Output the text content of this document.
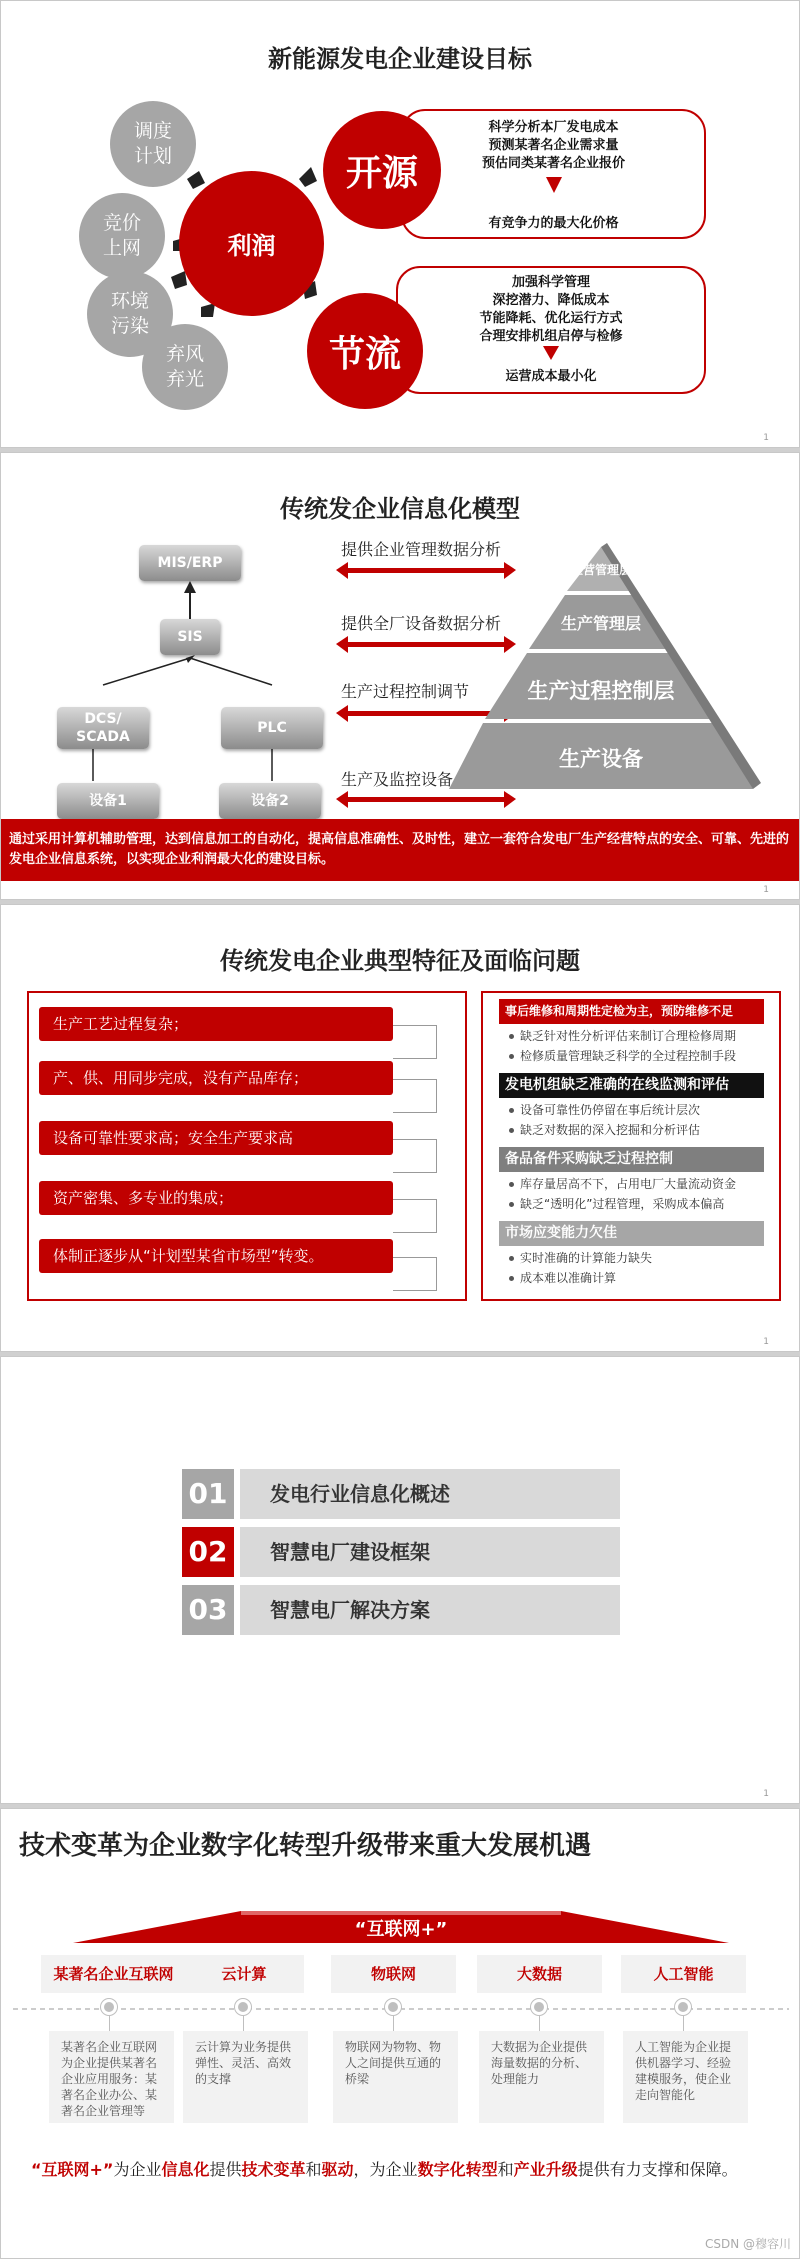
新能源发电企业建设目标
调度
计划
竞价
上网
环境
污染
弃风
弃光
利润
科学分析本厂发电成本
预测某著名企业需求量
预估同类某著名企业报价
有竞争力的最大化价格
开源
加强科学管理
深挖潜力、降低成本
节能降耗、优化运行方式
合理安排机组启停与检修
运营成本最小化
节流
1
传统发企业信息化模型
MIS/ERP
SIS
DCS/
SCADA
PLC
设备1	设备2
提供企业管理数据分析
提供全厂设备数据分析
生产过程控制调节
生产及监控设备
经营管理层
生产管理层
生产过程控制层
生产设备
通过采用计算机辅助管理，达到信息加工的自动化，提高信息准确性、及时性，建立一套符合发电厂生产经营特点的安全、可靠、先进的发电企业信息系统，以实现企业利润最大化的建设目标。
1
传统发电企业典型特征及面临问题
生产工艺过程复杂；
产、供、用同步完成，没有产品库存；
设备可靠性要求高；安全生产要求高
资产密集、多专业的集成；
体制正逐步从“计划型某省市场型”转变。
事后维修和周期性定检为主，预防维修不足
缺乏针对性分析评估来制订合理检修周期
检修质量管理缺乏科学的全过程控制手段
发电机组缺乏准确的在线监测和评估
设备可靠性仍停留在事后统计层次
缺乏对数据的深入挖掘和分析评估
备品备件采购缺乏过程控制
库存量居高不下，占用电厂大量流动资金
缺乏“透明化”过程管理，采购成本偏高
市场应变能力欠佳
实时准确的计算能力缺失
成本难以准确计算
1
01	发电行业信息化概述
02	智慧电厂建设框架
03	智慧电厂解决方案
1
技术变革为企业数字化转型升级带来重大发展机遇
“互联网+”
某著名企业互联网	云计算	物联网	大数据	人工智能
某著名企业互联网为企业提供某著名企业应用服务：某著名企业办公、某著名企业管理等
云计算为业务提供弹性、灵活、高效的支撑
物联网为物物、物人之间提供互通的桥梁
大数据为企业提供海量数据的分析、处理能力
人工智能为企业提供机器学习、经验建模服务，使企业走向智能化
“互联网+”为企业信息化提供技术变革和驱动，为企业数字化转型和产业升级提供有力支撑和保障。
CSDN @穆容川
